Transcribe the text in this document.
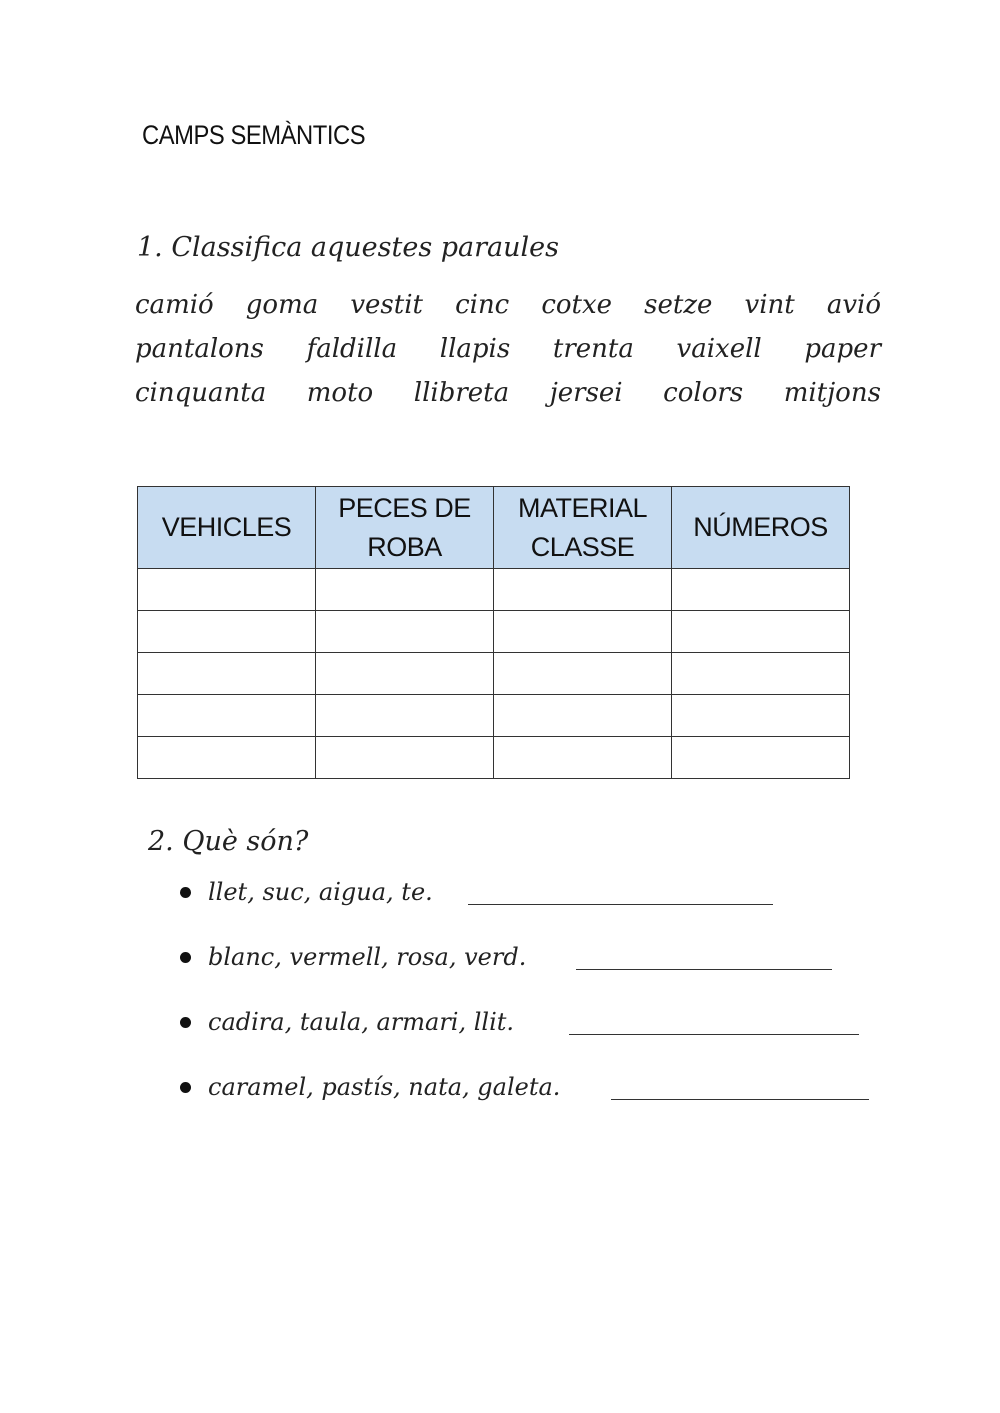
CAMPS SEMÀNTICS
1. Classifica aquestes paraules
camió goma vestit cinc cotxe setze vint avió
pantalons faldilla llapis trenta vaixell paper
cinquanta moto llibreta jersei colors mitjons
VEHICLES	PECES DE ROBA	MATERIAL CLASSE	NÚMEROS

2. Què són?
llet, suc, aigua, te.
blanc, vermell, rosa, verd.
cadira, taula, armari, llit.
caramel, pastís, nata, galeta.
